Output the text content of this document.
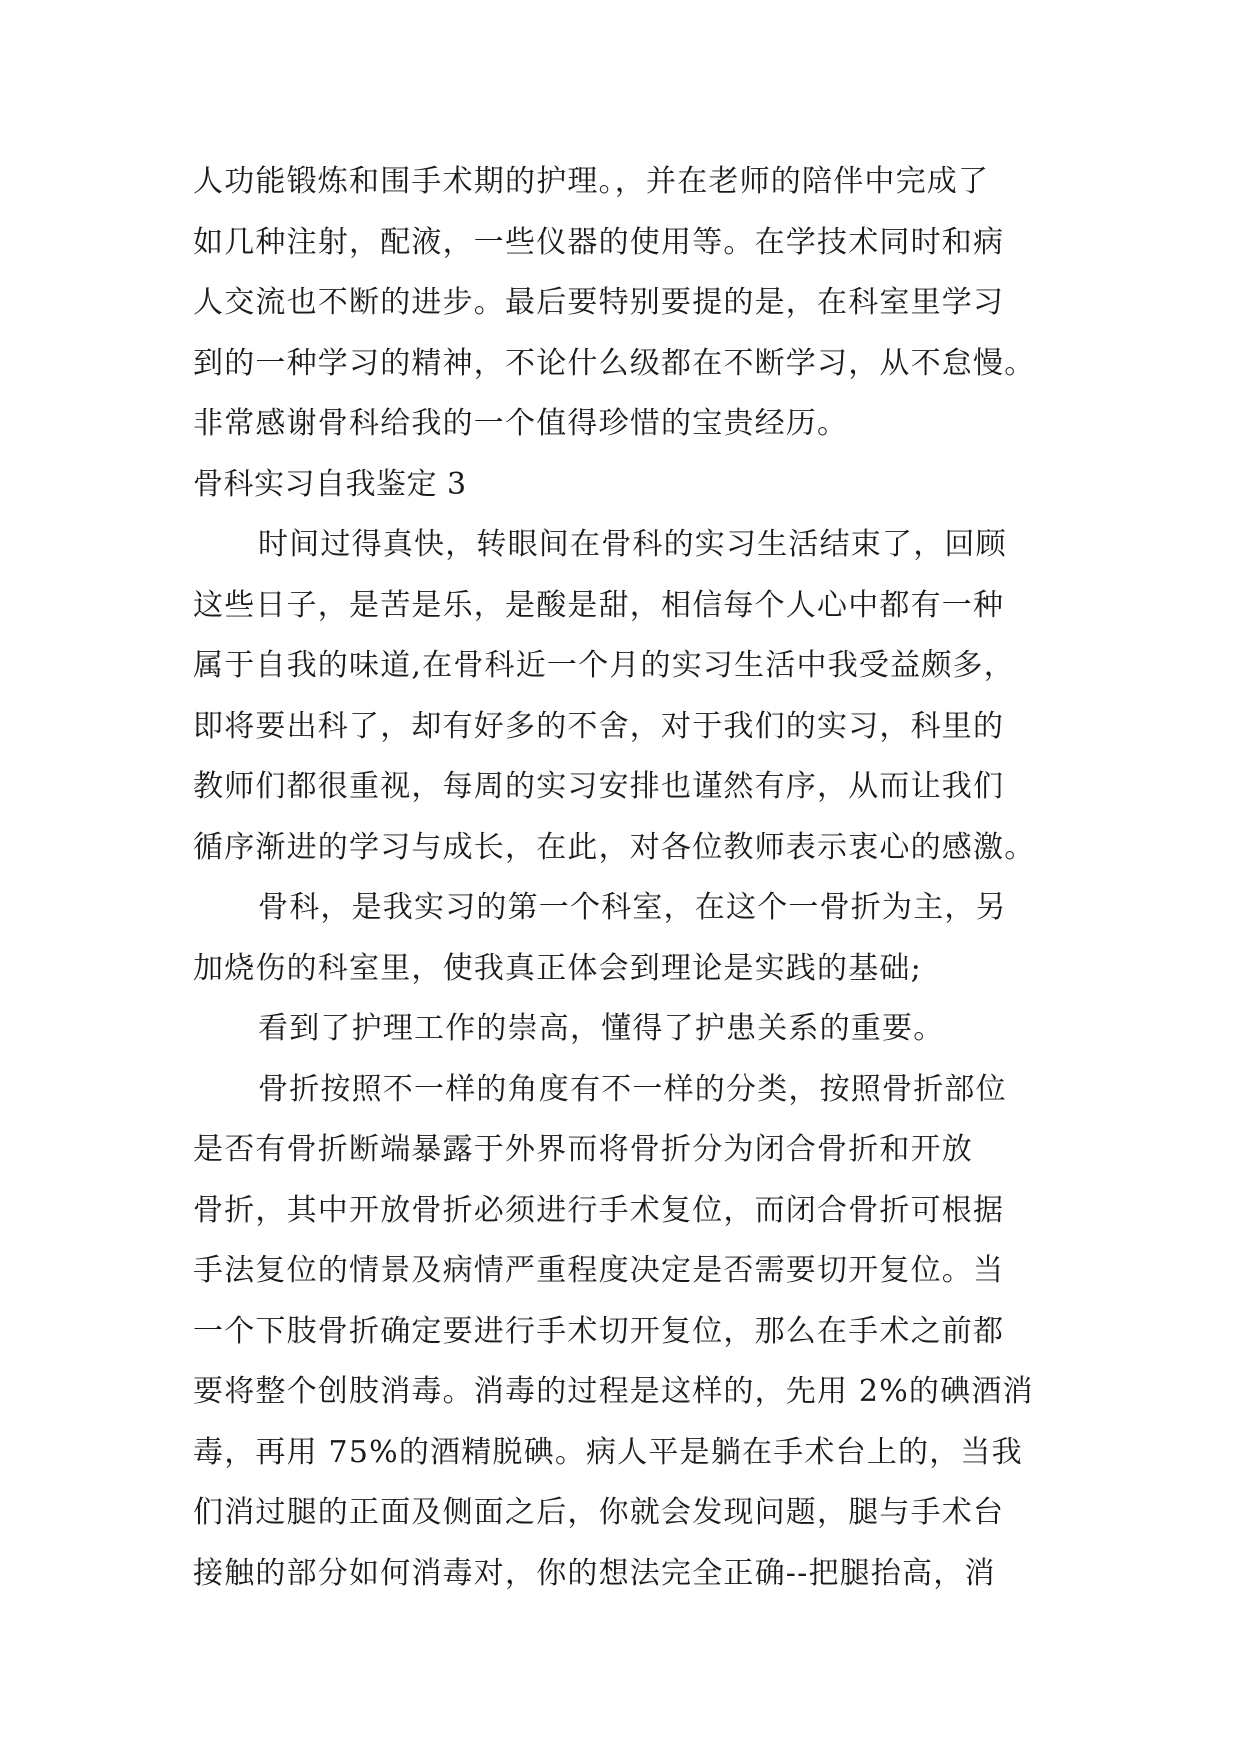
人功能锻炼和围手术期的护理。，并在老师的陪伴中完成了
如几种注射，配液，一些仪器的使用等。在学技术同时和病
人交流也不断的进步。最后要特别要提的是，在科室里学习
到的一种学习的精神，不论什么级都在不断学习，从不怠慢。
非常感谢骨科给我的一个值得珍惜的宝贵经历。
骨科实习自我鉴定 3
时间过得真快，转眼间在骨科的实习生活结束了，回顾
这些日子，是苦是乐，是酸是甜，相信每个人心中都有一种
属于自我的味道,在骨科近一个月的实习生活中我受益颇多，
即将要出科了，却有好多的不舍，对于我们的实习，科里的
教师们都很重视，每周的实习安排也谨然有序，从而让我们
循序渐进的学习与成长，在此，对各位教师表示衷心的感激。
骨科，是我实习的第一个科室，在这个一骨折为主，另
加烧伤的科室里，使我真正体会到理论是实践的基础;
看到了护理工作的崇高，懂得了护患关系的重要。
骨折按照不一样的角度有不一样的分类，按照骨折部位
是否有骨折断端暴露于外界而将骨折分为闭合骨折和开放
骨折，其中开放骨折必须进行手术复位，而闭合骨折可根据
手法复位的情景及病情严重程度决定是否需要切开复位。当
一个下肢骨折确定要进行手术切开复位，那么在手术之前都
要将整个创肢消毒。消毒的过程是这样的，先用 2%的碘酒消
毒，再用 75%的酒精脱碘。病人平是躺在手术台上的，当我
们消过腿的正面及侧面之后，你就会发现问题，腿与手术台
接触的部分如何消毒对，你的想法完全正确--把腿抬高，消
